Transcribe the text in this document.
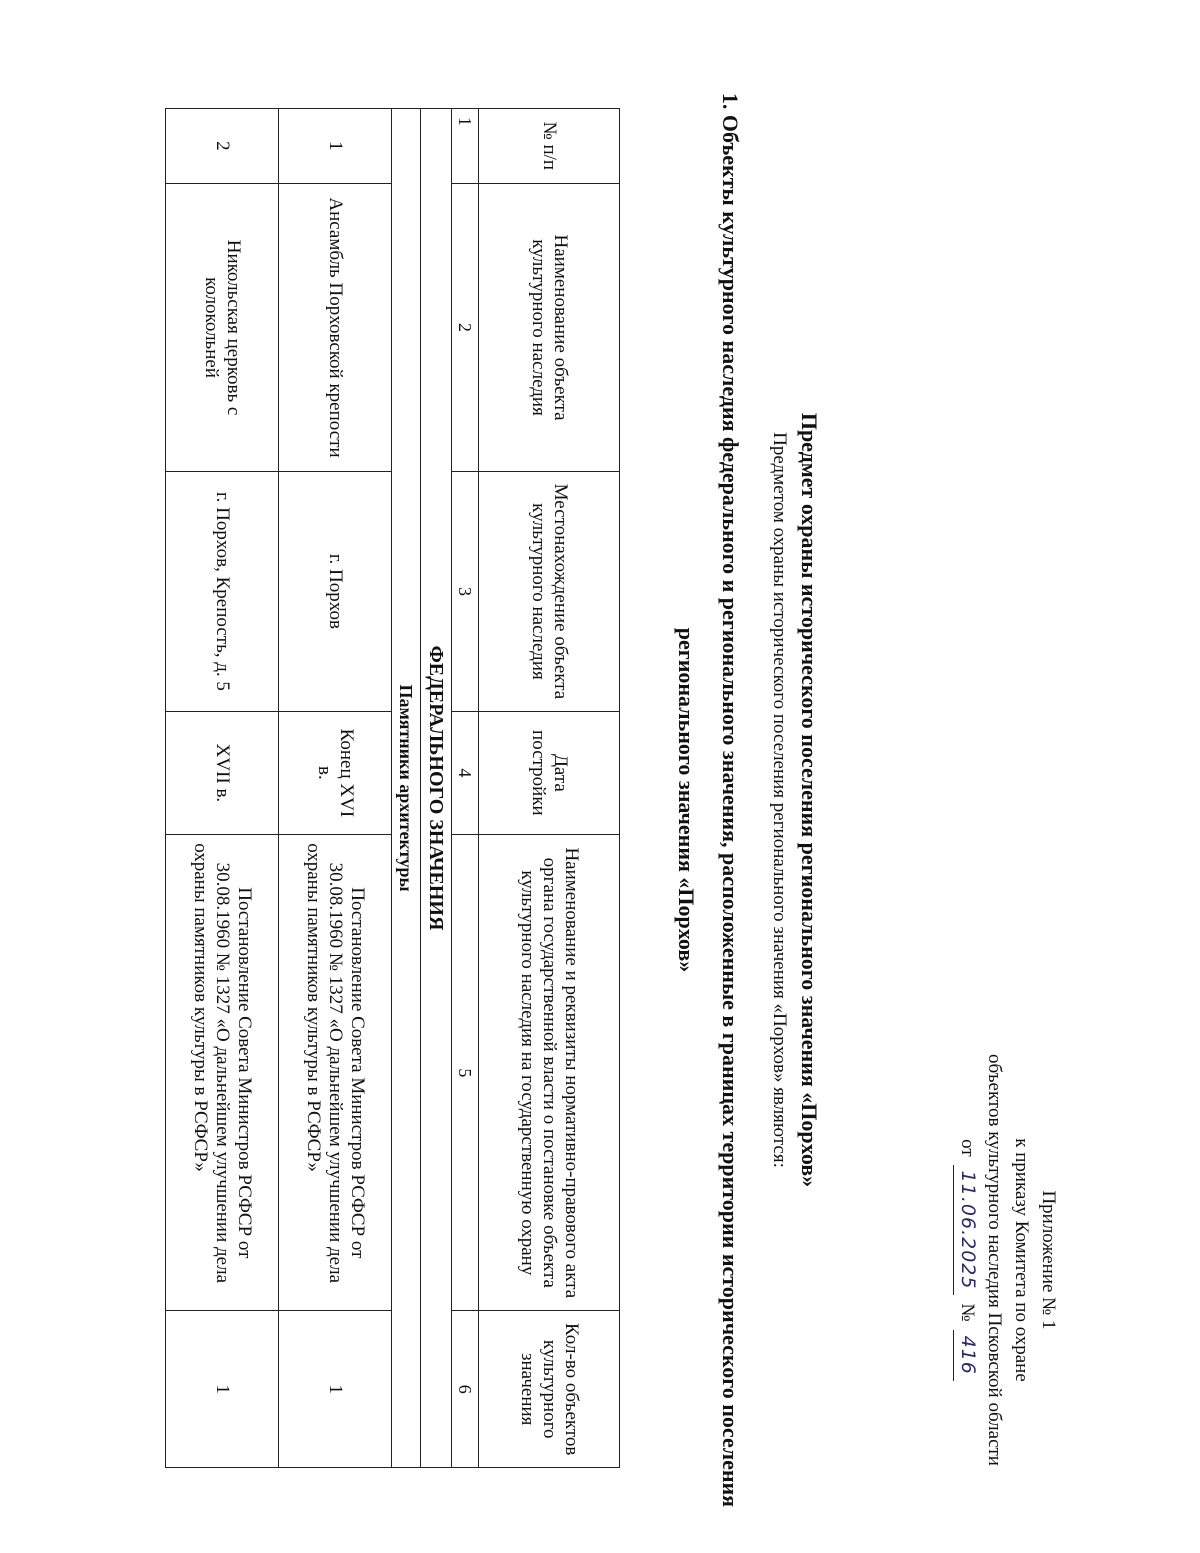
Приложение № 1
к приказу Комитета по охране
объектов культурного наследия Псковской области
от
11.06.2025
№
416
Предмет охраны исторического поселения регионального значения «Порхов»
Предметом охраны исторического поселения регионального значения «Порхов» являются:
1. Объекты культурного наследия федерального и регионального значения, расположенные в границах территории исторического поселения регионального значения «Порхов»
№ п/п	Наименование объекта культурного наследия	Местонахождение объекта культурного наследия	Дата постройки	Наименование и реквизиты нормативно-правового акта органа государственной власти о постановке объекта культурного наследия на государственную охрану	Кол-во объектов культурного значения
1	2	3	4	5	6
ФЕДЕРАЛЬНОГО ЗНАЧЕНИЯ					
Памятники архитектуры					
1	Ансамбль Порховской крепости	г. Порхов	Конец XVI в.	Постановление Совета Министров РСФСР от 30.08.1960 № 1327 «О дальнейшем улучшении дела охраны памятников культуры в РСФСР»	1
2	Никольская церковь с колокольней	г. Порхов, Крепость, д. 5	XVII в.	Постановление Совета Министров РСФСР от 30.08.1960 № 1327 «О дальнейшем улучшении дела охраны памятников культуры в РСФСР»	1
